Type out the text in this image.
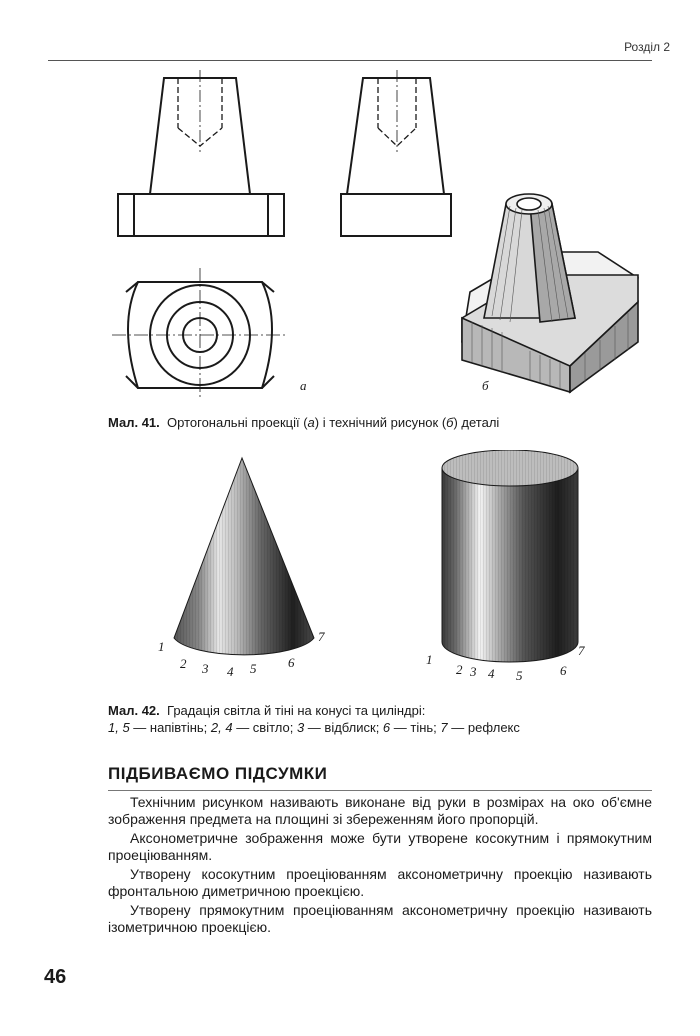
Розділ 2
а	б
Мал. 41. Ортогональні проекції (а) і технічний рисунок (б) деталі
1
2 3 4 5 6
7
1
2 3 4 5	6
7
Мал. 42. Градація світла й тіні на конусі та циліндрі:
1, 5 — напівтінь; 2, 4 — світло; 3 — відблиск; 6 — тінь; 7 — рефлекс
ПІДБИВАЄМО ПІДСУМКИ
Технічним рисунком називають виконане від руки в розмірах на око об'ємне зображення предмета на площині зі збереженням його пропорцій.
Аксонометричне зображення може бути утворене косокутним і прямокутним проеціюванням.
Утворену косокутним проеціюванням аксонометричну проекцію називають фронтальною диметричною проекцією.
Утворену прямокутним проеціюванням аксонометричну проекцію називають ізометричною проекцією.
46
